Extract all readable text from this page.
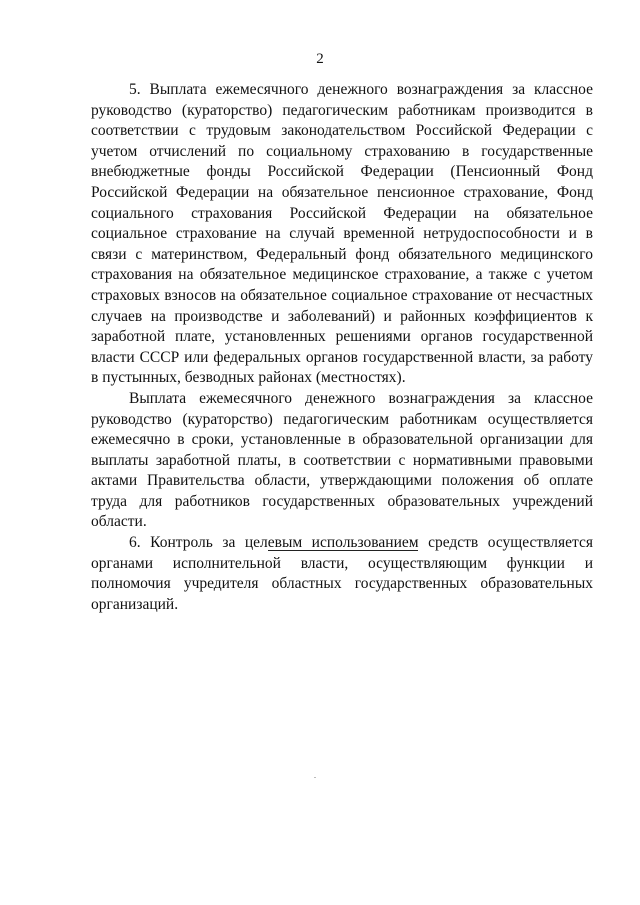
2

5. Выплата ежемесячного денежного вознаграждения за классное руководство (кураторство) педагогическим работникам производится в соответствии с трудовым законодательством Российской Федерации с учетом отчислений по социальному страхованию в государственные внебюджетные фонды Российской Федерации (Пенсионный Фонд Российской Федерации на обязательное пенсионное страхование, Фонд социального страхования Российской Федерации на обязательное социальное страхование на случай временной нетрудоспособности и в связи с материнством, Федеральный фонд обязательного медицинского страхования на обязательное медицинское страхование, а также с учетом страховых взносов на обязательное социальное страхование от несчастных случаев на производстве и заболеваний) и районных коэффициентов к заработной плате, установленных решениями органов государственной власти СССР или федеральных органов государственной власти, за работу в пустынных, безводных районах (местностях).

Выплата ежемесячного денежного вознаграждения за классное руководство (кураторство) педагогическим работникам осуществляется ежемесячно в сроки, установленные в образовательной организации для выплаты заработной платы, в соответствии с нормативными правовыми актами Правительства области, утверждающими положения об оплате труда для работников государственных образовательных учреждений области.

6. Контроль за целевым использованием средств осуществляется органами исполнительной власти, осуществляющим функции и полномочия учредителя областных государственных образовательных организаций.
